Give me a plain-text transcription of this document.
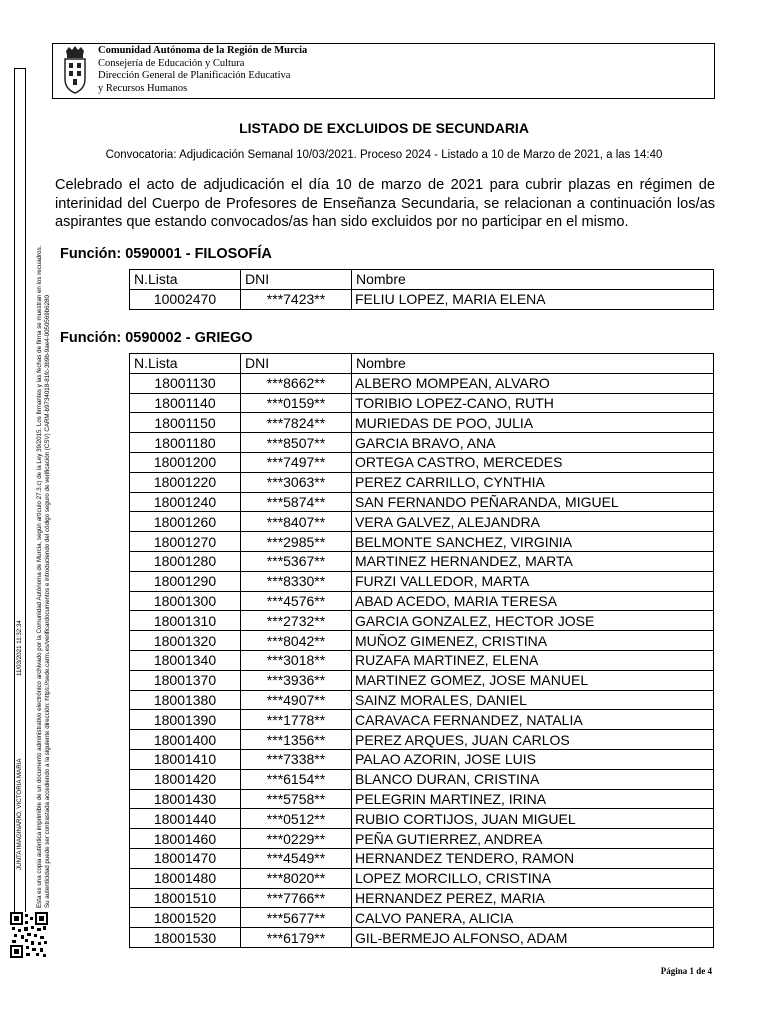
Comunidad Autónoma de la Región de Murcia
Consejería de Educación y Cultura
Dirección General de Planificación Educativa
y Recursos Humanos
Esta es una copia auténtica imprimible de un documento administrativo electrónico archivado por la Comunidad Autónoma de Murcia, según artículo 27.3.c) de la Ley 39/2015. Los firmantes y las fechas de firma se muestran en los recuadros. Su autenticidad puede ser contrastada accediendo a la siguiente dirección: https://sede.carm.es/verificardocumentos e introduciendo del código seguro de verificación (CSV) CARM-b9734018-81fc-3b9b-9ae4-0050569b6280
11/03/2021 11:32:34
JUNTA IMAGINARIO, VICTORIA MARIA
LISTADO DE EXCLUIDOS DE SECUNDARIA
Convocatoria: Adjudicación Semanal 10/03/2021. Proceso 2024 - Listado a 10 de Marzo de 2021, a las 14:40
Celebrado el acto de adjudicación el día 10 de marzo de 2021 para cubrir plazas en régimen de interinidad del Cuerpo de Profesores de Enseñanza Secundaria, se relacionan a continuación los/as aspirantes que estando convocados/as han sido excluidos por no participar en el mismo.
Función: 0590001 - FILOSOFÍA
N.Lista	DNI	Nombre
10002470	***7423**	FELIU LOPEZ, MARIA ELENA
Función: 0590002 - GRIEGO
N.Lista	DNI	Nombre
18001130	***8662**	ALBERO MOMPEAN, ALVARO
18001140	***0159**	TORIBIO LOPEZ-CANO, RUTH
18001150	***7824**	MURIEDAS DE POO, JULIA
18001180	***8507**	GARCIA BRAVO, ANA
18001200	***7497**	ORTEGA CASTRO, MERCEDES
18001220	***3063**	PEREZ CARRILLO, CYNTHIA
18001240	***5874**	SAN FERNANDO PEÑARANDA, MIGUEL
18001260	***8407**	VERA GALVEZ, ALEJANDRA
18001270	***2985**	BELMONTE SANCHEZ, VIRGINIA
18001280	***5367**	MARTINEZ HERNANDEZ, MARTA
18001290	***8330**	FURZI VALLEDOR, MARTA
18001300	***4576**	ABAD ACEDO, MARIA TERESA
18001310	***2732**	GARCIA GONZALEZ, HECTOR JOSE
18001320	***8042**	MUÑOZ GIMENEZ, CRISTINA
18001340	***3018**	RUZAFA MARTINEZ, ELENA
18001370	***3936**	MARTINEZ GOMEZ, JOSE MANUEL
18001380	***4907**	SAINZ MORALES, DANIEL
18001390	***1778**	CARAVACA FERNANDEZ, NATALIA
18001400	***1356**	PEREZ ARQUES, JUAN CARLOS
18001410	***7338**	PALAO AZORIN, JOSE LUIS
18001420	***6154**	BLANCO DURAN, CRISTINA
18001430	***5758**	PELEGRIN MARTINEZ, IRINA
18001440	***0512**	RUBIO CORTIJOS, JUAN MIGUEL
18001460	***0229**	PEÑA GUTIERREZ, ANDREA
18001470	***4549**	HERNANDEZ TENDERO, RAMON
18001480	***8020**	LOPEZ MORCILLO, CRISTINA
18001510	***7766**	HERNANDEZ PEREZ, MARIA
18001520	***5677**	CALVO PANERA, ALICIA
18001530	***6179**	GIL-BERMEJO ALFONSO, ADAM
Página 1 de 4
